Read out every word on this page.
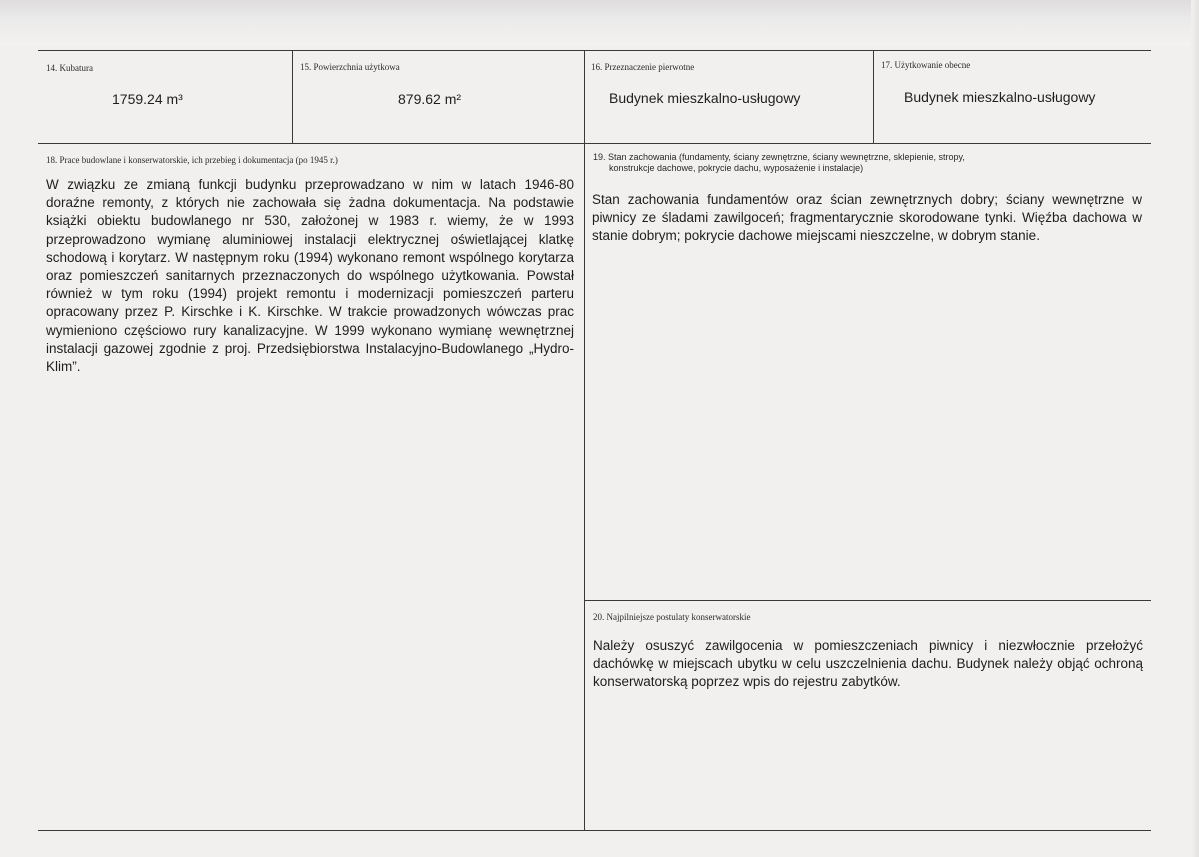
14. Kubatura
1759.24 m³
15. Powierzchnia użytkowa
879.62 m²
16. Przeznaczenie pierwotne
Budynek mieszkalno-usługowy
17. Użytkowanie obecne
Budynek mieszkalno-usługowy
18. Prace budowlane i konserwatorskie, ich przebieg i dokumentacja (po 1945 r.)
W związku ze zmianą funkcji budynku przeprowadzano w nim w latach 1946-80 doraźne remonty, z których nie zachowała się żadna dokumentacja. Na podstawie książki obiektu budowlanego nr 530, założonej w 1983 r. wiemy, że w 1993 przeprowadzono wymianę aluminiowej instalacji elektrycznej oświetlającej klatkę schodową i korytarz. W następnym roku (1994) wykonano remont wspólnego korytarza oraz pomieszczeń sanitarnych przeznaczonych do wspólnego użytkowania. Powstał również w tym roku (1994) projekt remontu i modernizacji pomieszczeń parteru opracowany przez P. Kirschke i K. Kirschke. W trakcie prowadzonych wówczas prac wymieniono częściowo rury kanalizacyjne. W 1999 wykonano wymianę wewnętrznej instalacji gazowej zgodnie z proj. Przedsiębiorstwa Instalacyjno-Budowlanego „Hydro-Klim”.
19. Stan zachowania (fundamenty, ściany zewnętrzne, ściany wewnętrzne, sklepienie, stropy,
konstrukcje dachowe, pokrycie dachu, wyposażenie i instalacje)
Stan zachowania fundamentów oraz ścian zewnętrznych dobry; ściany wewnętrzne w piwnicy ze śladami zawilgoceń; fragmentarycznie skorodowane tynki. Więźba dachowa w stanie dobrym; pokrycie dachowe miejscami nieszczelne, w dobrym stanie.
20. Najpilniejsze postulaty konserwatorskie
Należy osuszyć zawilgocenia w pomieszczeniach piwnicy i niezwłocznie przełożyć dachówkę w miejscach ubytku w celu uszczelnienia dachu. Budynek należy objąć ochroną konserwatorską poprzez wpis do rejestru zabytków.
